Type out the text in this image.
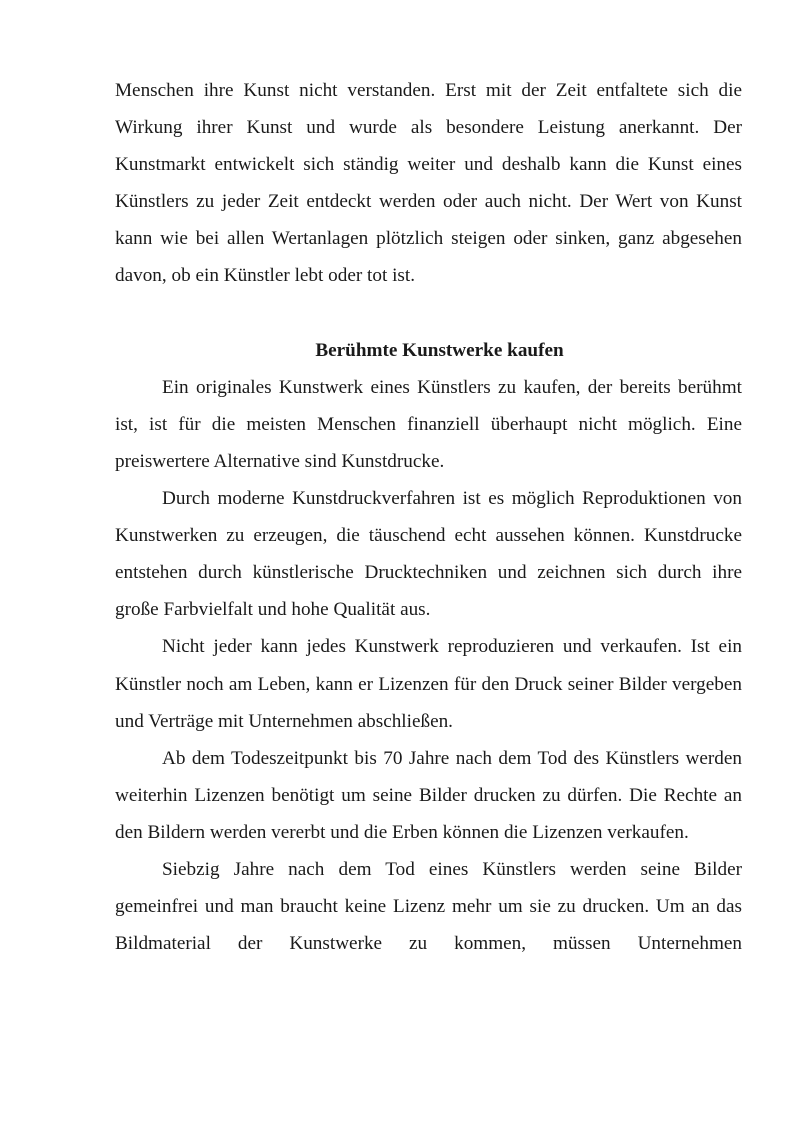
Menschen ihre Kunst nicht verstanden. Erst mit der Zeit entfaltete sich die Wirkung ihrer Kunst und wurde als besondere Leistung anerkannt. Der Kunstmarkt entwickelt sich ständig weiter und deshalb kann die Kunst eines Künstlers zu jeder Zeit entdeckt werden oder auch nicht. Der Wert von Kunst kann wie bei allen Wertanlagen plötzlich steigen oder sinken, ganz abgesehen davon, ob ein Künstler lebt oder tot ist.

Berühmte Kunstwerke kaufen

Ein originales Kunstwerk eines Künstlers zu kaufen, der bereits berühmt ist, ist für die meisten Menschen finanziell überhaupt nicht möglich. Eine preiswertere Alternative sind Kunstdrucke.

Durch moderne Kunstdruckverfahren ist es möglich Reproduktionen von Kunstwerken zu erzeugen, die täuschend echt aussehen können. Kunstdrucke entstehen durch künstlerische Drucktechniken und zeichnen sich durch ihre große Farbvielfalt und hohe Qualität aus.

Nicht jeder kann jedes Kunstwerk reproduzieren und verkaufen. Ist ein Künstler noch am Leben, kann er Lizenzen für den Druck seiner Bilder vergeben und Verträge mit Unternehmen abschließen.

Ab dem Todeszeitpunkt bis 70 Jahre nach dem Tod des Künstlers werden weiterhin Lizenzen benötigt um seine Bilder drucken zu dürfen. Die Rechte an den Bildern werden vererbt und die Erben können die Lizenzen verkaufen.

Siebzig Jahre nach dem Tod eines Künstlers werden seine Bilder gemeinfrei und man braucht keine Lizenz mehr um sie zu drucken. Um an das Bildmaterial der Kunstwerke zu kommen, müssen Unternehmen
